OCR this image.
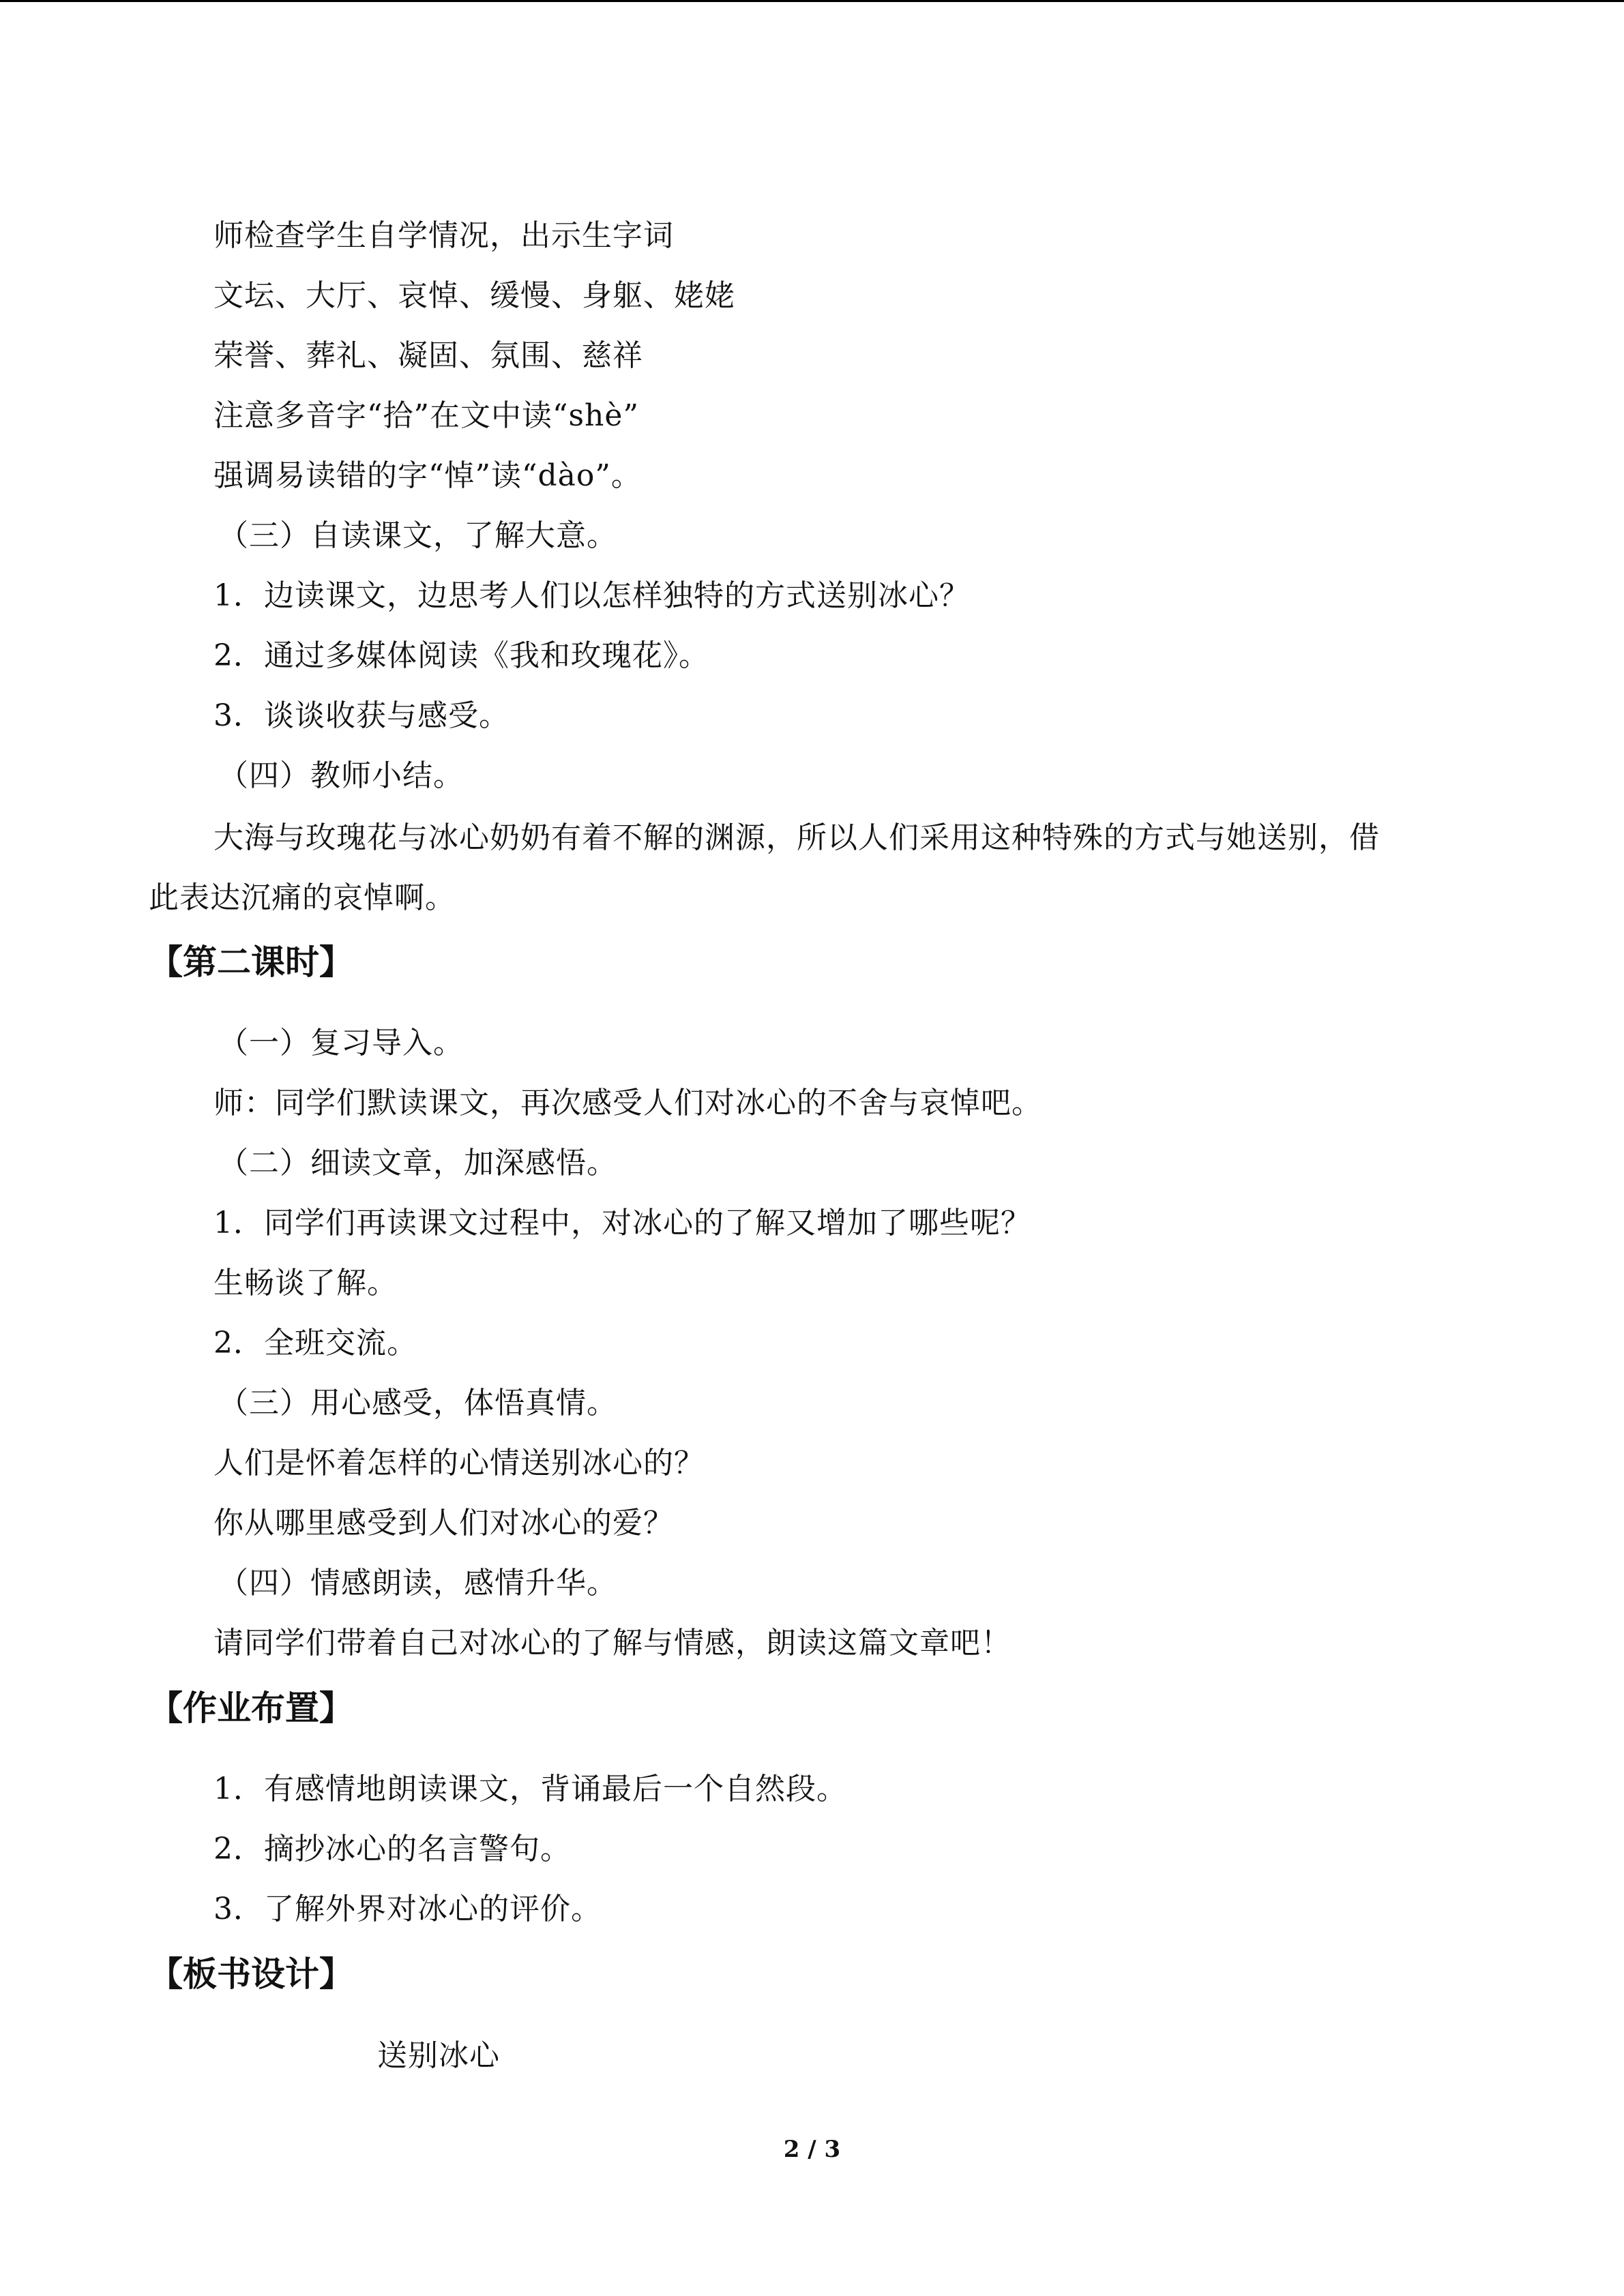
师检查学生自学情况，出示生字词
文坛、大厅、哀悼、缓慢、身躯、姥姥
荣誉、葬礼、凝固、氛围、慈祥
注意多音字“拾”在文中读“shè”
强调易读错的字“悼”读“dào”。
（三）自读课文，了解大意。
1．边读课文，边思考人们以怎样独特的方式送别冰心？
2．通过多媒体阅读《我和玫瑰花》。
3．谈谈收获与感受。
（四）教师小结。
大海与玫瑰花与冰心奶奶有着不解的渊源，所以人们采用这种特殊的方式与她送别，借
此表达沉痛的哀悼啊。
【第二课时】
（一）复习导入。
师：同学们默读课文，再次感受人们对冰心的不舍与哀悼吧。
（二）细读文章，加深感悟。
1．同学们再读课文过程中，对冰心的了解又增加了哪些呢？
生畅谈了解。
2．全班交流。
（三）用心感受，体悟真情。
人们是怀着怎样的心情送别冰心的？
你从哪里感受到人们对冰心的爱？
（四）情感朗读，感情升华。
请同学们带着自己对冰心的了解与情感，朗读这篇文章吧！
【作业布置】
1．有感情地朗读课文，背诵最后一个自然段。
2．摘抄冰心的名言警句。
3．了解外界对冰心的评价。
【板书设计】
送别冰心
2 / 3
